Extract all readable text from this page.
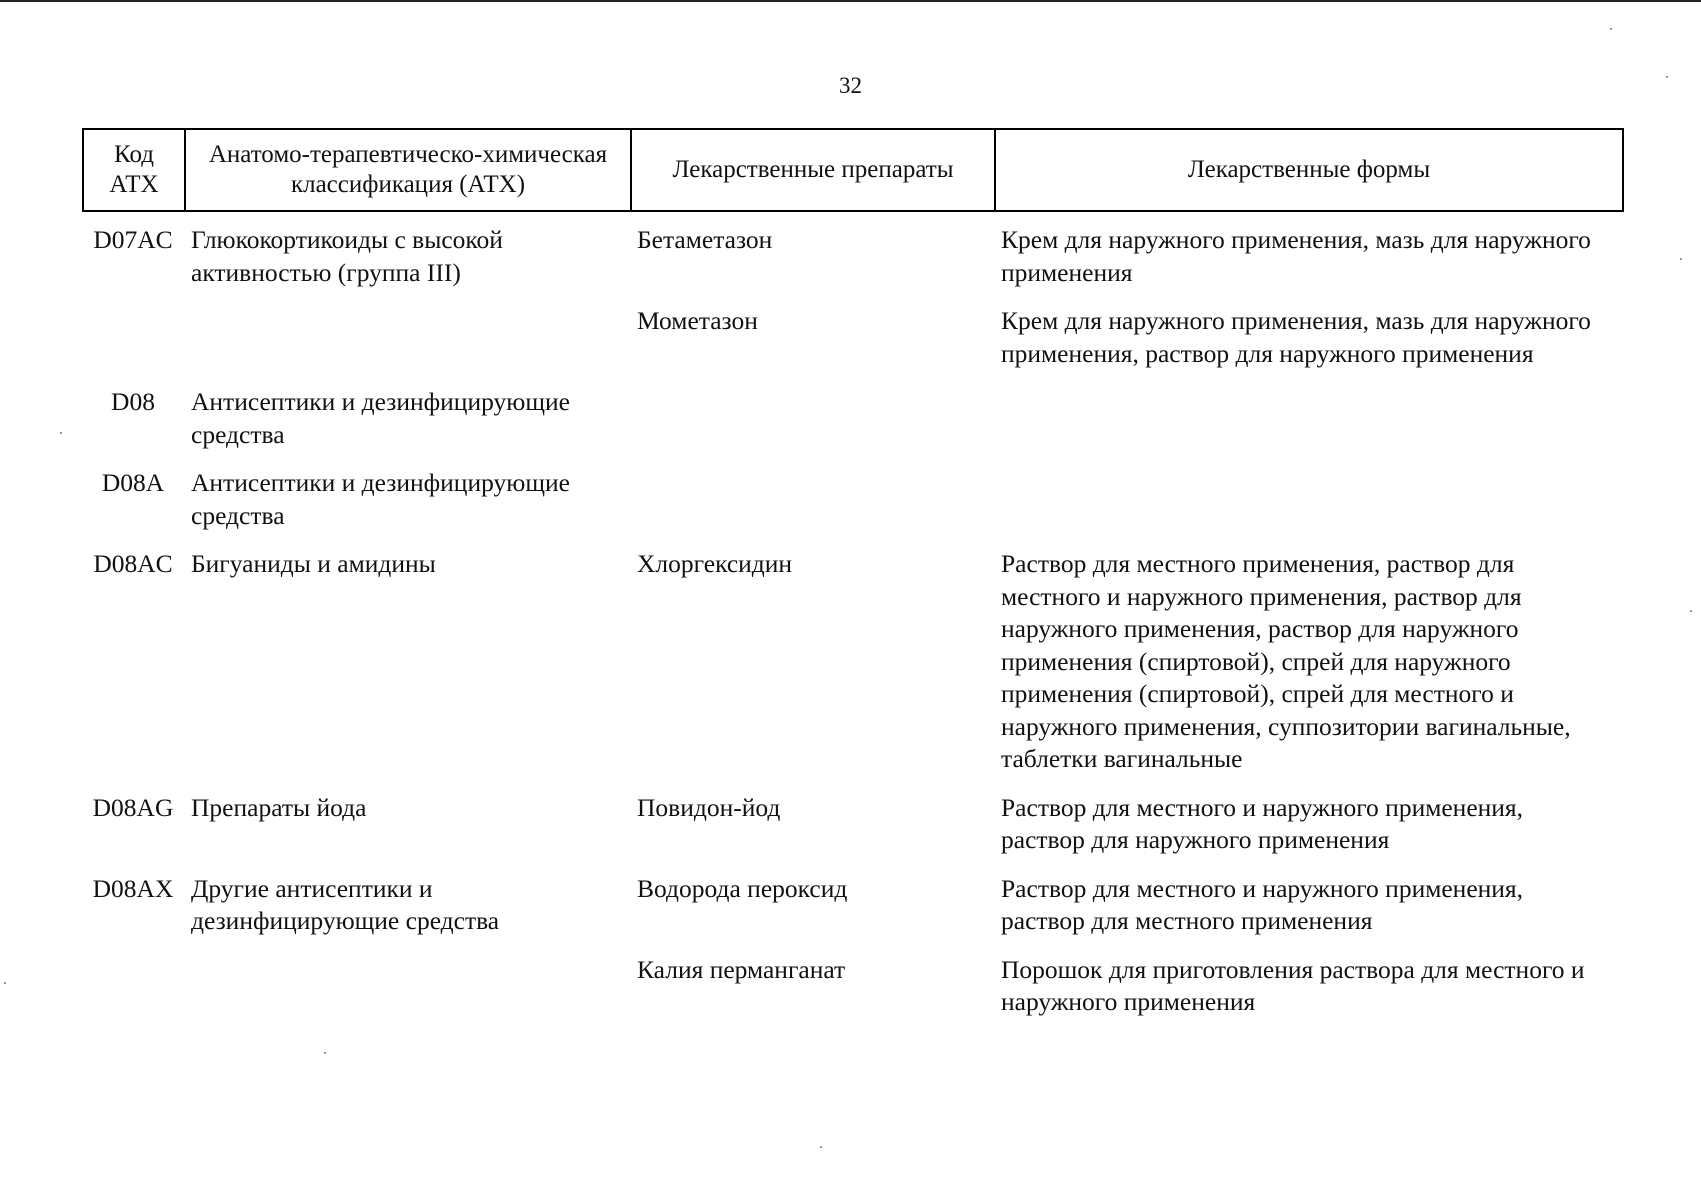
32
Код АТХ	Анатомо-терапевтическо-химическая классификация (АТХ)	Лекарственные препараты	Лекарственные формы
D07AC	Глюкокортикоиды с высокой активностью (группа III)	Бетаметазон	Крем для наружного применения, мазь для наружного применения
		Мометазон	Крем для наружного применения, мазь для наружного применения, раствор для наружного применения
D08	Антисептики и дезинфицирующие средства		
D08A	Антисептики и дезинфицирующие средства		
D08AC	Бигуаниды и амидины	Хлоргексидин	Раствор для местного применения, раствор для местного и наружного применения, раствор для наружного применения, раствор для наружного применения (спиртовой), спрей для наружного применения (спиртовой), спрей для местного и наружного применения, суппозитории вагинальные, таблетки вагинальные
D08AG	Препараты йода	Повидон-йод	Раствор для местного и наружного применения, раствор для наружного применения
D08AX	Другие антисептики и дезинфицирующие средства	Водорода пероксид	Раствор для местного и наружного применения, раствор для местного применения
		Калия перманганат	Порошок для приготовления раствора для местного и наружного применения
